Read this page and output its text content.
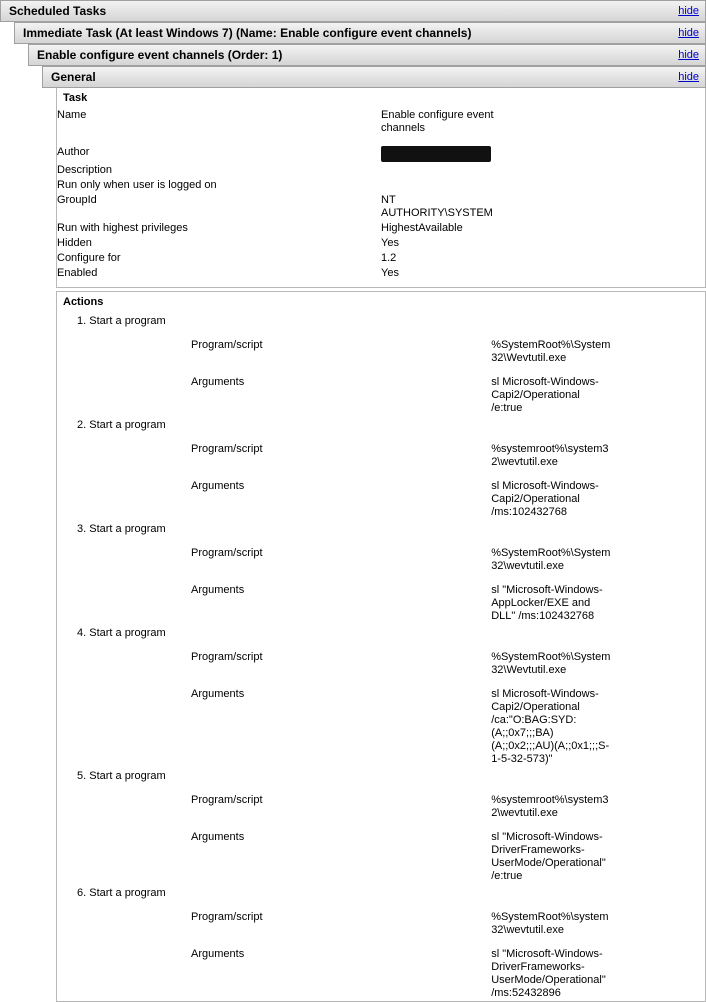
Scheduled Tasks	hide
Immediate Task (At least Windows 7) (Name: Enable configure event channels)	hide
Enable configure event channels (Order: 1)	hide
General	hide
Task
Name	Enable configure event channels

Author	
Description	

Run only when user is logged on	

GroupId	NT AUTHORITY\SYSTEM

Run with highest privileges	HighestAvailable

Hidden	Yes

Configure for	1.2

Enabled	Yes
Actions
1. Start a program

Program/script	%SystemRoot%\System32\Wevtutil.exe

Arguments	sl Microsoft-Windows-Capi2/Operational /e:true
2. Start a program

Program/script	%systemroot%\system32\wevtutil.exe

Arguments	sl Microsoft-Windows-Capi2/Operational /ms:102432768
3. Start a program

Program/script	%SystemRoot%\System32\wevtutil.exe

Arguments	sl "Microsoft-Windows-AppLocker/EXE and DLL" /ms:102432768
4. Start a program

Program/script	%SystemRoot%\System32\Wevtutil.exe

Arguments	sl Microsoft-Windows-Capi2/Operational /ca:"O:BAG:SYD:(A;;0x7;;;BA)(A;;0x2;;;AU)(A;;0x1;;;S-1-5-32-573)"
5. Start a program

Program/script	%systemroot%\system32\wevtutil.exe

Arguments	sl "Microsoft-Windows-DriverFrameworks-UserMode/Operational" /e:true
6. Start a program

Program/script	%SystemRoot%\system32\wevtutil.exe

Arguments	sl "Microsoft-Windows-DriverFrameworks-UserMode/Operational" /ms:52432896
